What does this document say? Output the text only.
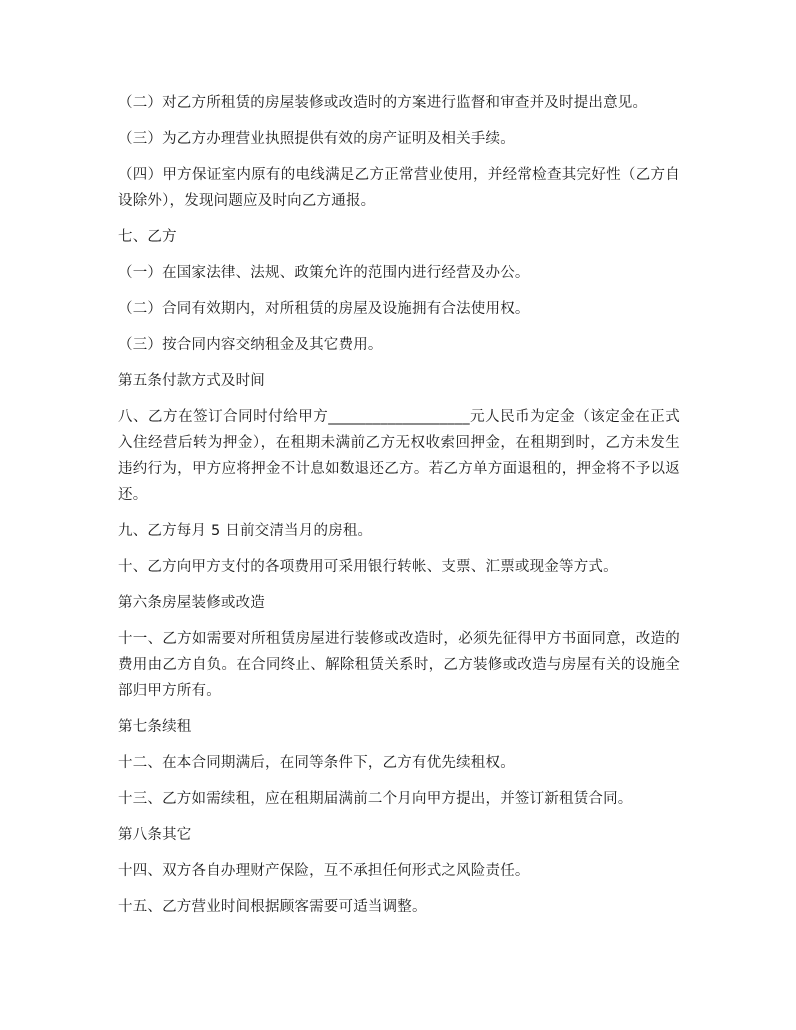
（二）对乙方所租赁的房屋装修或改造时的方案进行监督和审查并及时提出意见。

（三）为乙方办理营业执照提供有效的房产证明及相关手续。

（四）甲方保证室内原有的电线满足乙方正常营业使用，并经常检查其完好性（乙方自设除外），发现问题应及时向乙方通报。

七、乙方

（一）在国家法律、法规、政策允许的范围内进行经营及办公。

（二）合同有效期内，对所租赁的房屋及设施拥有合法使用权。

（三）按合同内容交纳租金及其它费用。

第五条付款方式及时间

八、乙方在签订合同时付给甲方___________________元人民币为定金（该定金在正式入住经营后转为押金），在租期未满前乙方无权收索回押金，在租期到时，乙方未发生违约行为，甲方应将押金不计息如数退还乙方。若乙方单方面退租的，押金将不予以返还。

九、乙方每月 5 日前交清当月的房租。

十、乙方向甲方支付的各项费用可采用银行转帐、支票、汇票或现金等方式。

第六条房屋装修或改造

十一、乙方如需要对所租赁房屋进行装修或改造时，必须先征得甲方书面同意，改造的费用由乙方自负。在合同终止、解除租赁关系时，乙方装修或改造与房屋有关的设施全部归甲方所有。

第七条续租

十二、在本合同期满后，在同等条件下，乙方有优先续租权。

十三、乙方如需续租，应在租期届满前二个月向甲方提出，并签订新租赁合同。

第八条其它

十四、双方各自办理财产保险，互不承担任何形式之风险责任。

十五、乙方营业时间根据顾客需要可适当调整。
